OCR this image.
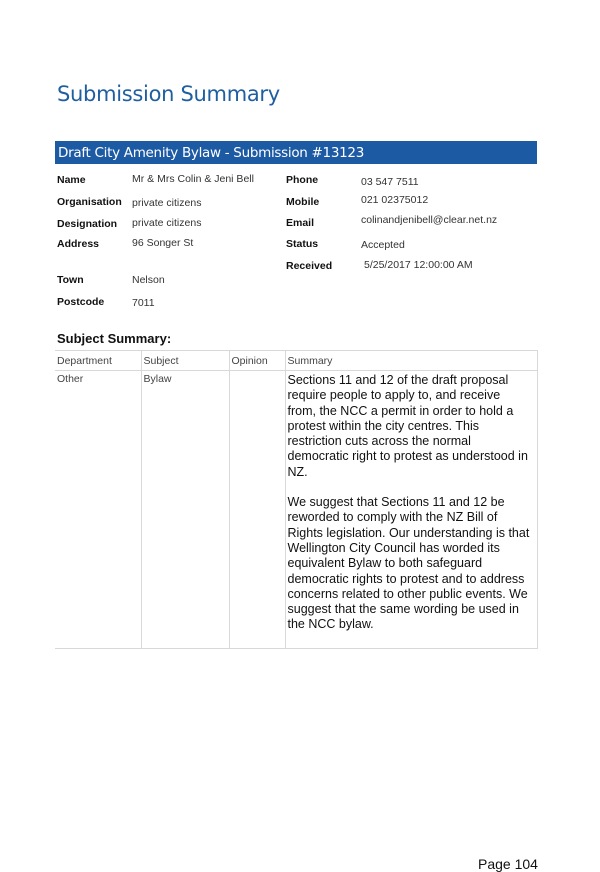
Submission Summary
Draft City Amenity Bylaw - Submission #13123
Name	Mr & Mrs Colin & Jeni Bell
Organisation private citizens
Designation private citizens
Address	96 Songer St
Town	Nelson
Postcode	7011
Phone	03 547 7511
Mobile	021 02375012
Email	colinandjenibell@clear.net.nz
Status	Accepted
Received	5/25/2017 12:00:00 AM
Subject Summary:
Department	Subject	Opinion	Summary
Other	Bylaw		Sections 11 and 12 of the draft proposal require people to apply to, and receive from, the NCC a permit in order to hold a protest within the city centres. This restriction cuts across the normal democratic right to protest as understood in NZ.

We suggest that Sections 11 and 12 be reworded to comply with the NZ Bill of Rights legislation. Our understanding is that Wellington City Council has worded its equivalent Bylaw to both safeguard democratic rights to protest and to address concerns related to other public events. We suggest that the same wording be used in the NCC bylaw.

Page 104
